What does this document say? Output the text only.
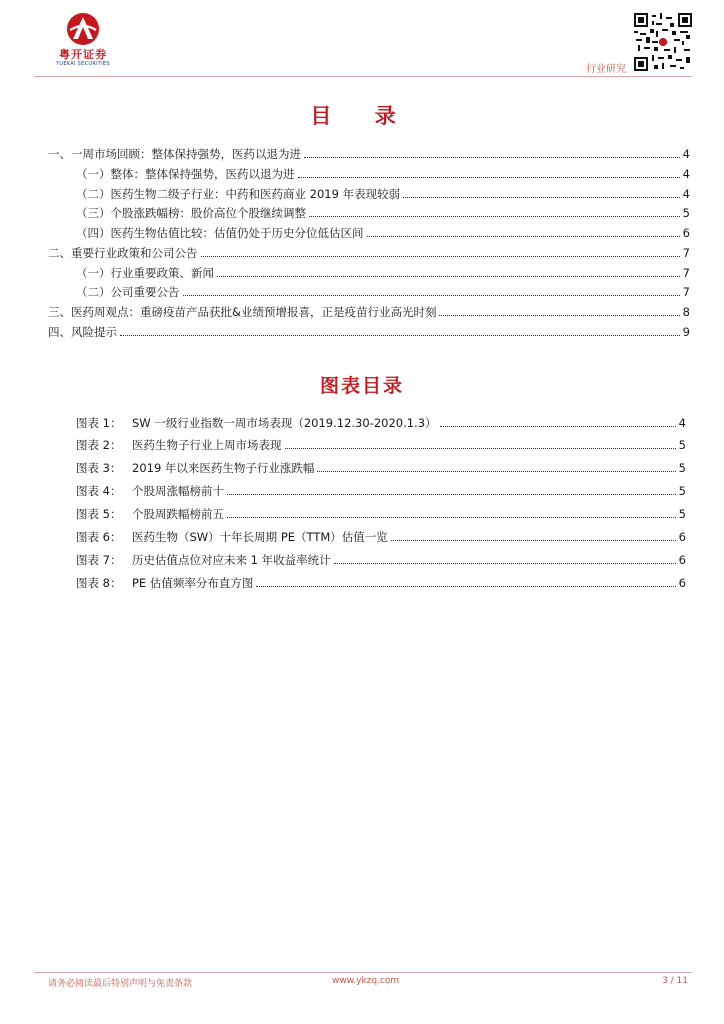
粤开证券
YUEKAI SECURITIES	行业研究
目 录
一、一周市场回顾：整体保持强势，医药以退为进	4
（一）整体：整体保持强势，医药以退为进	4
（二）医药生物二级子行业：中药和医药商业 2019 年表现较弱	4
（三）个股涨跌幅榜：股价高位个股继续调整	5
（四）医药生物估值比较：估值仍处于历史分位低估区间	6
二、重要行业政策和公司公告	7
（一）行业重要政策、新闻	7
（二）公司重要公告	7
三、医药周观点：重磅疫苗产品获批&业绩预增报喜，正是疫苗行业高光时刻	8
四、风险提示	9
图表目录
图表 1： SW 一级行业指数一周市场表现（2019.12.30-2020.1.3）	4
图表 2： 医药生物子行业上周市场表现	5
图表 3： 2019 年以来医药生物子行业涨跌幅	5
图表 4： 个股周涨幅榜前十	5
图表 5： 个股周跌幅榜前五	5
图表 6： 医药生物（SW）十年长周期 PE（TTM）估值一览	6
图表 7： 历史估值点位对应未来 1 年收益率统计	6
图表 8： PE 估值频率分布直方图	6
请务必阅读最后特别声明与免责条款	www.ykzq.com	3 / 11
